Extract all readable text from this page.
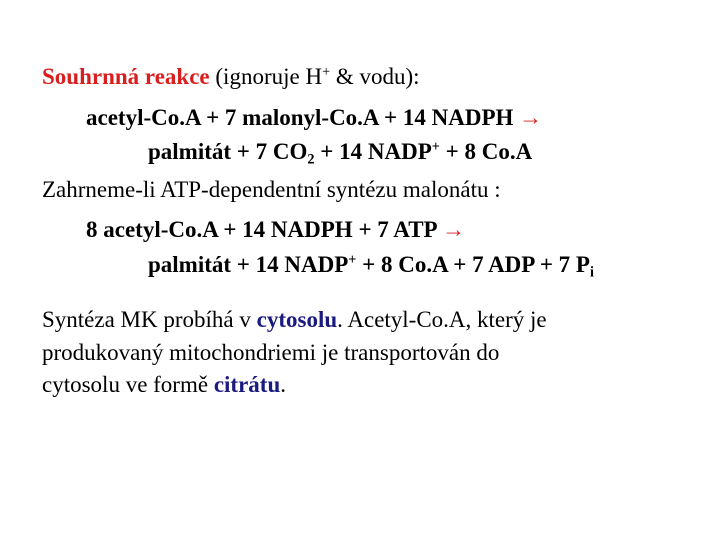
Souhrnná reakce (ignoruje H+ & vodu):
acetyl-Co.A + 7 malonyl-Co.A + 14 NADPH →
palmitát + 7 $CO_2 + 14$ NADP+ + 8 Co.A
Zahrneme-li ATP-dependentní syntézu malonátu :
8 acetyl-Co.A + 14 NADPH + 7 ATP →
palmitát + 14 NADP+ + 8 Co.A + 7 ADP + 7 $P_i$
Syntéza MK probíhá v cytosolu. Acetyl-Co.A, který je
produkovaný mitochondriemi je transportován do
cytosolu ve formě citrátu.
